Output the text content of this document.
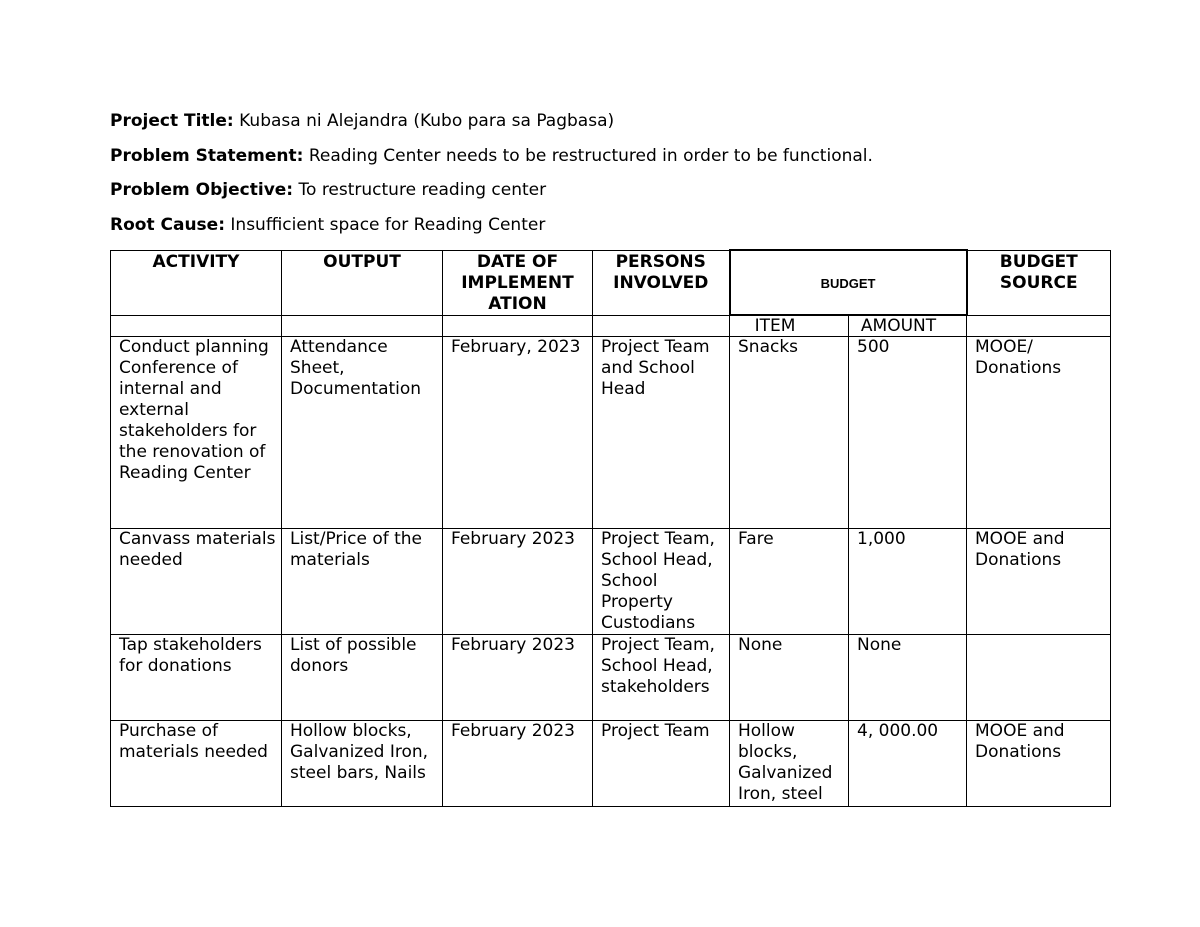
Project Title: Kubasa ni Alejandra (Kubo para sa Pagbasa)
Problem Statement: Reading Center needs to be restructured in order to be functional.
Problem Objective: To restructure reading center
Root Cause: Insufficient space for Reading Center
ACTIVITY	OUTPUT	DATE OF IMPLEMENT ATION	PERSONS INVOLVED	BUDGET		BUDGET SOURCE
				ITEM	AMOUNT	
Conduct planning Conference of internal and external stakeholders for the renovation of Reading Center	Attendance Sheet, Documentation	February, 2023	Project Team and School Head	Snacks	500	MOOE/ Donations
Canvass materials needed	List/Price of the materials	February 2023	Project Team, School Head, School Property Custodians	Fare	1,000	MOOE and Donations
Tap stakeholders for donations	List of possible donors	February 2023	Project Team, School Head, stakeholders	None	None	
Purchase of materials needed	Hollow blocks, Galvanized Iron, steel bars, Nails	February 2023	Project Team	Hollow blocks, Galvanized Iron, steel	4, 000.00	MOOE and Donations
